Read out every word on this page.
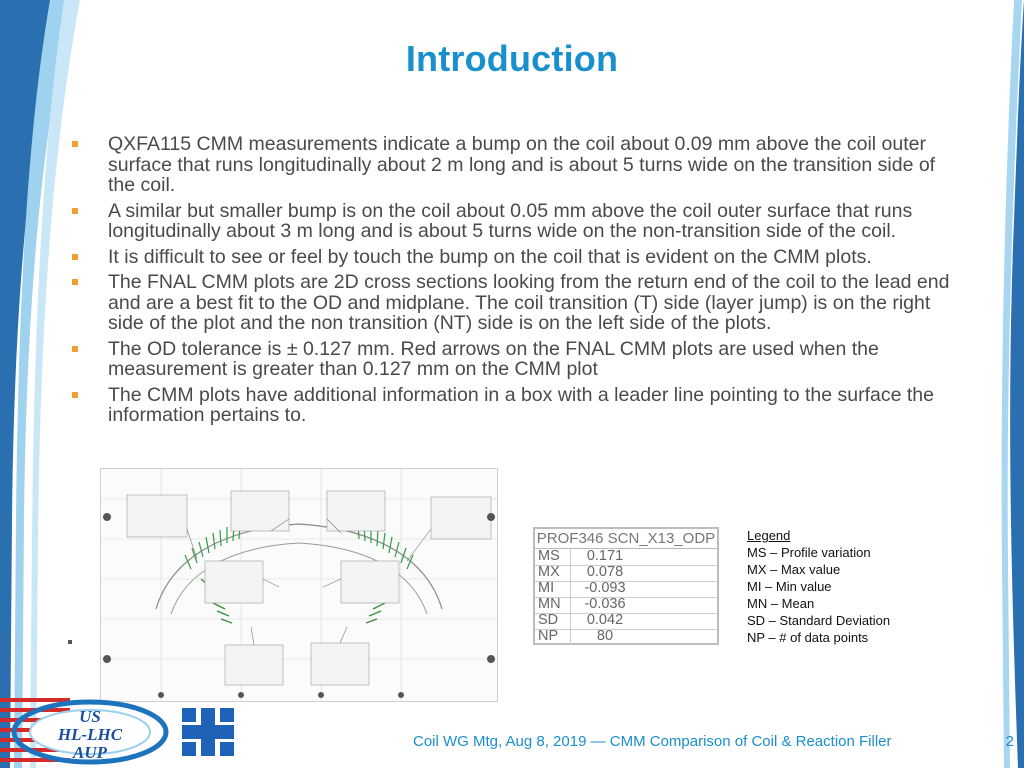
Introduction
QXFA115 CMM measurements indicate a bump on the coil about 0.09 mm above the coil outer surface that runs longitudinally about 2 m long and is about 5 turns wide on the transition side of the coil.
A similar but smaller bump is on the coil about 0.05 mm above the coil outer surface that runs longitudinally about 3 m long and is about 5 turns wide on the non-transition side of the coil.
It is difficult to see or feel by touch the bump on the coil that is evident on the CMM plots.
The FNAL CMM plots are 2D cross sections looking from the return end of the coil to the lead end and are a best fit to the OD and midplane. The coil transition (T) side (layer jump) is on the right side of the plot and the non transition (NT) side is on the left side of the plots.
The OD tolerance is ± 0.127 mm. Red arrows on the FNAL CMM plots are used when the measurement is greater than 0.127 mm on the CMM plot
The CMM plots have additional information in a box with a leader line pointing to the surface the information pertains to.
PROF346 SCN_X13_ODP
MS	0.171
MX	0.078
MI	-0.093
MN	-0.036
SD	0.042
NP	80
Legend
MS – Profile variation
MX – Max value
MI – Min value
MN – Mean
SD – Standard Deviation
NP – # of data points
US
HL-LHC
AUP
Coil WG Mtg, Aug 8, 2019 — CMM Comparison of Coil & Reaction Filler	2
